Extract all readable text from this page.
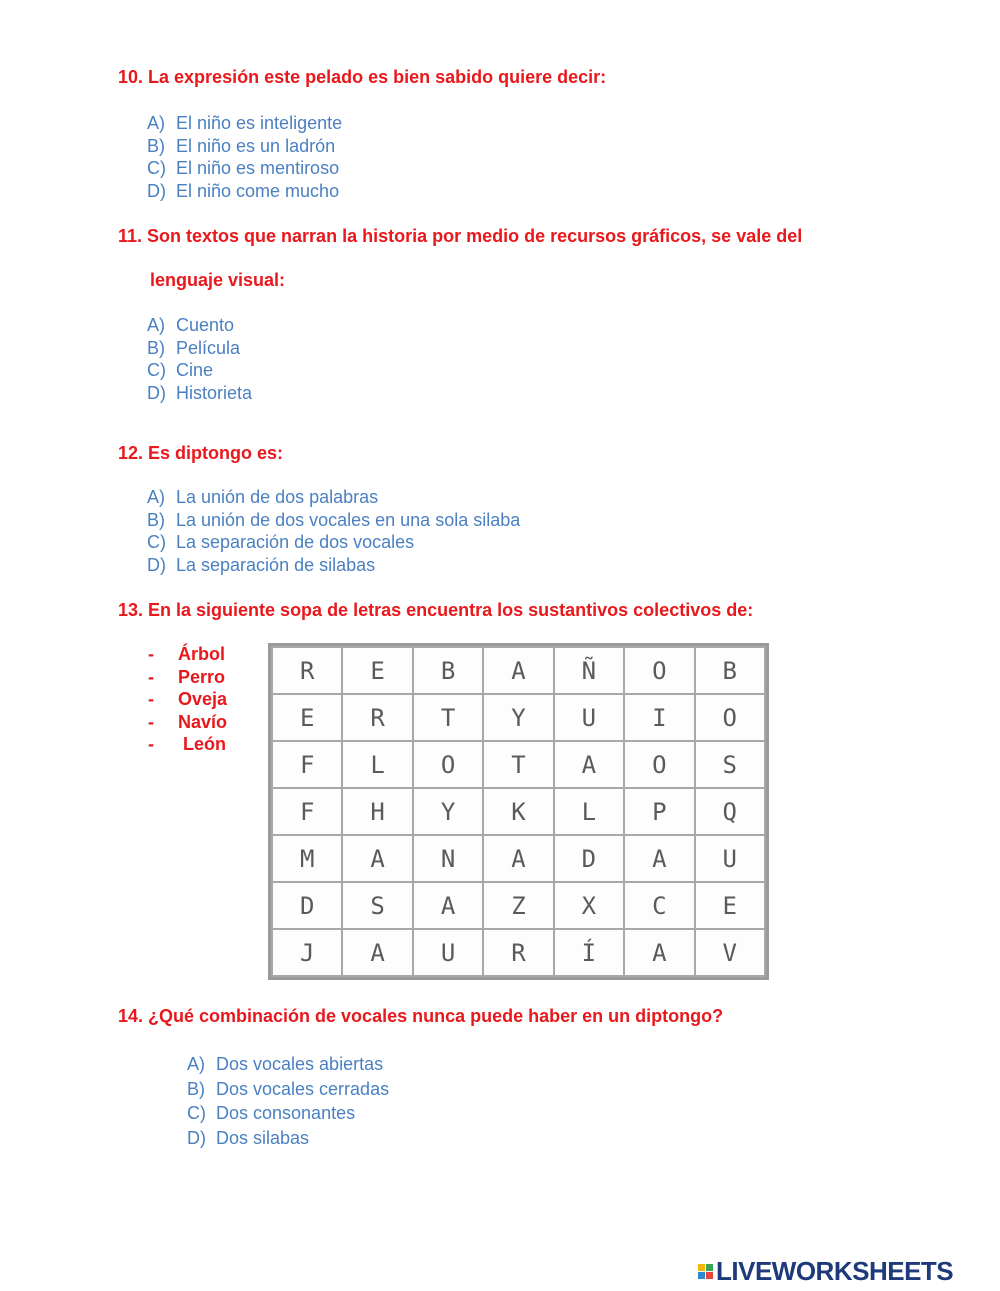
10. La expresión este pelado es bien sabido quiere decir:
A) El niño es inteligente
B) El niño es un ladrón
C) El niño es mentiroso
D) El niño come mucho
11. Son textos que narran la historia por medio de recursos gráficos, se vale del
lenguaje visual:
A) Cuento
B) Película
C) Cine
D) Historieta
12. Es diptongo es:
A) La unión de dos palabras
B) La unión de dos vocales en una sola silaba
C) La separación de dos vocales
D) La separación de silabas
13. En la siguiente sopa de letras encuentra los sustantivos colectivos de:
- Árbol
- Perro
- Oveja
- Navío
- León
R	E	B	A	Ñ	O	B
E	R	T	Y	U	I	O
F	L	O	T	A	O	S
F	H	Y	K	L	P	Q
M	A	N	A	D	A	U
D	S	A	Z	X	C	E
J	A	U	R	Í	A	V
14. ¿Qué combinación de vocales nunca puede haber en un diptongo?
A) Dos vocales abiertas
B) Dos vocales cerradas
C) Dos consonantes
D) Dos silabas
LIVEWORKSHEETS
